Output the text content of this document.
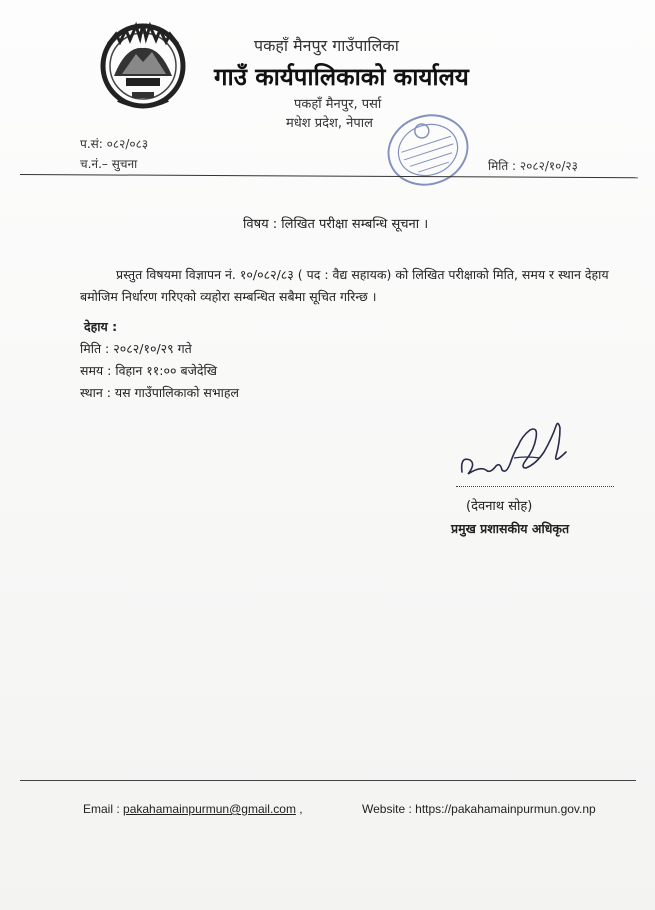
पकहाँ मैनपुर गाउँपालिका
गाउँ कार्यपालिकाको कार्यालय
पकहाँ मैनपुर, पर्सा
मधेश प्रदेश, नेपाल
प.सं: ०८२/०८३
च.नं.– सुचना	मिति : २०८२/१०/२३
विषय : लिखित परीक्षा सम्बन्धि सूचना ।

प्रस्तुत विषयमा विज्ञापन नं. १०/०८२/८३ ( पद : वैद्य सहायक) को लिखित परीक्षाको मिति, समय र स्थान देहाय बमोजिम निर्धारण गरिएको व्यहोरा सम्बन्धित सबैमा सूचित गरिन्छ ।

देहाय :
मिति : २०८२/१०/२९ गते
समय : विहान ११:०० बजेदेखि
स्थान : यस गाउँपालिकाको सभाहल
(देवनाथ सोह)
प्रमुख प्रशासकीय अधिकृत
Email : pakahamainpurmun@gmail.com ,	Website : https://pakahamainpurmun.gov.np
